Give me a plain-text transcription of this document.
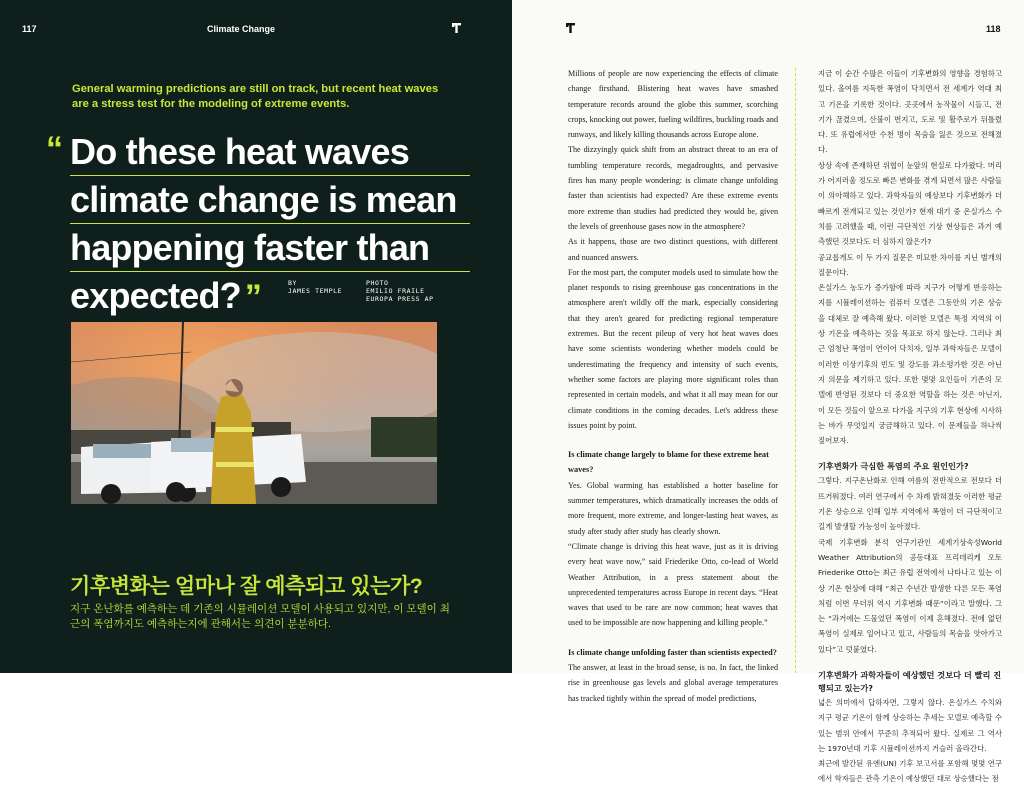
117	Climate Change
General warming predictions are still on track, but recent heat waves are a stress test for the modeling of extreme events.
“ Do these heat waves
climate change is mean
happening faster than
expected? ”	BY
JAMES TEMPLE
PHOTO
EMILIO FRAILE
EUROPA PRESS AP
기후변화는 얼마나 잘 예측되고 있는가?
지구 온난화를 예측하는 데 기존의 시뮬레이션 모델이 사용되고 있지만, 이 모델이 최근의 폭염까지도 예측하는지에 관해서는 의견이 분분하다.
118

Millions of people are now experiencing the effects of climate change firsthand. Blistering heat waves have smashed temperature records around the globe this summer, scorching crops, knocking out power, fueling wildfires, buckling roads and runways, and likely killing thousands across Europe alone.

The dizzyingly quick shift from an abstract threat to an era of tumbling temperature records, megadroughts, and pervasive fires has many people wondering: is climate change unfolding faster than scientists had expected? Are these extreme events more extreme than studies had predicted they would be, given the levels of greenhouse gases now in the atmosphere?

As it happens, those are two distinct questions, with different and nuanced answers.

For the most part, the computer models used to simulate how the planet responds to rising greenhouse gas concentrations in the atmosphere aren't wildly off the mark, especially considering that they aren't geared for predicting regional temperature extremes. But the recent pileup of very hot heat waves does have some scientists wondering whether models could be underestimating the frequency and intensity of such events, whether some factors are playing more significant roles than represented in certain models, and what it all may mean for our climate conditions in the coming decades. Let's address these issues point by point.

Is climate change largely to blame for these extreme heat waves?

Yes. Global warming has established a hotter baseline for summer temperatures, which dramatically increases the odds of more frequent, more extreme, and longer-lasting heat waves, as study after study after study has clearly shown.

“Climate change is driving this heat wave, just as it is driving every heat wave now,” said Friederike Otto, co-lead of World Weather Attribution, in a press statement about the unprecedented temperatures across Europe in recent days. “Heat waves that used to be rare are now common; heat waves that used to be impossible are now happening and killing people.”

Is climate change unfolding faster than scientists expected?

The answer, at least in the broad sense, is no. In fact, the linked rise in greenhouse gas levels and global average temperatures has tracked tightly within the spread of model predictions,

지금 이 순간 수많은 이들이 기후변화의 영향을 경험하고 있다. 올여름 지독한 폭염이 닥치면서 전 세계가 역대 최고 기온을 기록한 것이다. 곳곳에서 농작물이 시들고, 전기가 끊겼으며, 산불이 번지고, 도로 및 활주로가 뒤틀렸다. 또 유럽에서만 수천 명이 목숨을 잃은 것으로 전해졌다.

상상 속에 존재하던 위협이 눈앞의 현실로 다가왔다. 머리가 어지러울 정도로 빠른 변화를 겪게 되면서 많은 사람들이 의아해하고 있다. 과학자들의 예상보다 기후변화가 더 빠르게 전개되고 있는 것인가? 현재 대기 중 온실가스 수치를 고려했을 때, 이런 극단적인 기상 현상들은 과거 예측했던 것보다도 더 심하지 않은가?

공교롭게도 이 두 가지 질문은 미묘한 차이를 지닌 별개의 질문이다.

온실가스 농도가 증가함에 따라 지구가 어떻게 반응하는지를 시뮬레이션하는 컴퓨터 모델은 그동안의 기온 상승을 대체로 잘 예측해 왔다. 이러한 모델은 특정 지역의 이상 기온을 예측하는 것을 목표로 하지 않는다. 그러나 최근 엄청난 폭염이 연이어 닥치자, 일부 과학자들은 모델이 이러한 이상기후의 빈도 및 강도를 과소평가한 것은 아닌지 의문을 제기하고 있다. 또한 몇몇 요인들이 기존의 모델에 반영된 것보다 더 중요한 역할을 하는 것은 아닌지, 이 모든 것들이 앞으로 다가올 지구의 기후 현상에 시사하는 바가 무엇일지 궁금해하고 있다. 이 문제들을 하나씩 짚어보자.

기후변화가 극심한 폭염의 주요 원인인가?

그렇다. 지구온난화로 인해 여름의 전반적으로 전보다 더 뜨거워졌다. 여러 연구에서 수 차례 밝혀졌듯 이러한 평균 기온 상승으로 인해 일부 지역에서 폭염이 더 극단적이고 길게 발생할 가능성이 높아졌다.

국제 기후변화 분석 연구기관인 세계기상속성World Weather Attribution의 공동대표 프리데리케 오토Friederike Otto는 최근 유럽 전역에서 나타나고 있는 이상 기온 현상에 대해 “최근 수년간 발생한 다른 모든 폭염처럼 이번 무더위 역시 기후변화 때문”이라고 말했다. 그는 “과거에는 드물었던 폭염이 이제 흔해졌다. 전에 없던 폭염이 실제로 일어나고 있고, 사람들의 목숨을 앗아가고 있다”고 덧붙였다.

기후변화가 과학자들이 예상했던 것보다 더 빨리 진행되고 있는가?

넓은 의미에서 답하자면, 그렇지 않다. 온실가스 수치와 지구 평균 기온이 함께 상승하는 추세는 모델로 예측할 수 있는 범위 안에서 꾸준히 추적되어 왔다. 실제로 그 역사는 1970년대 기후 시뮬레이션까지 거슬러 올라간다.

최근에 발간된 유엔(UN) 기후 보고서를 포함해 몇몇 연구에서 학자들은 관측 기온이 예상했던 대로 상승했다는 점
